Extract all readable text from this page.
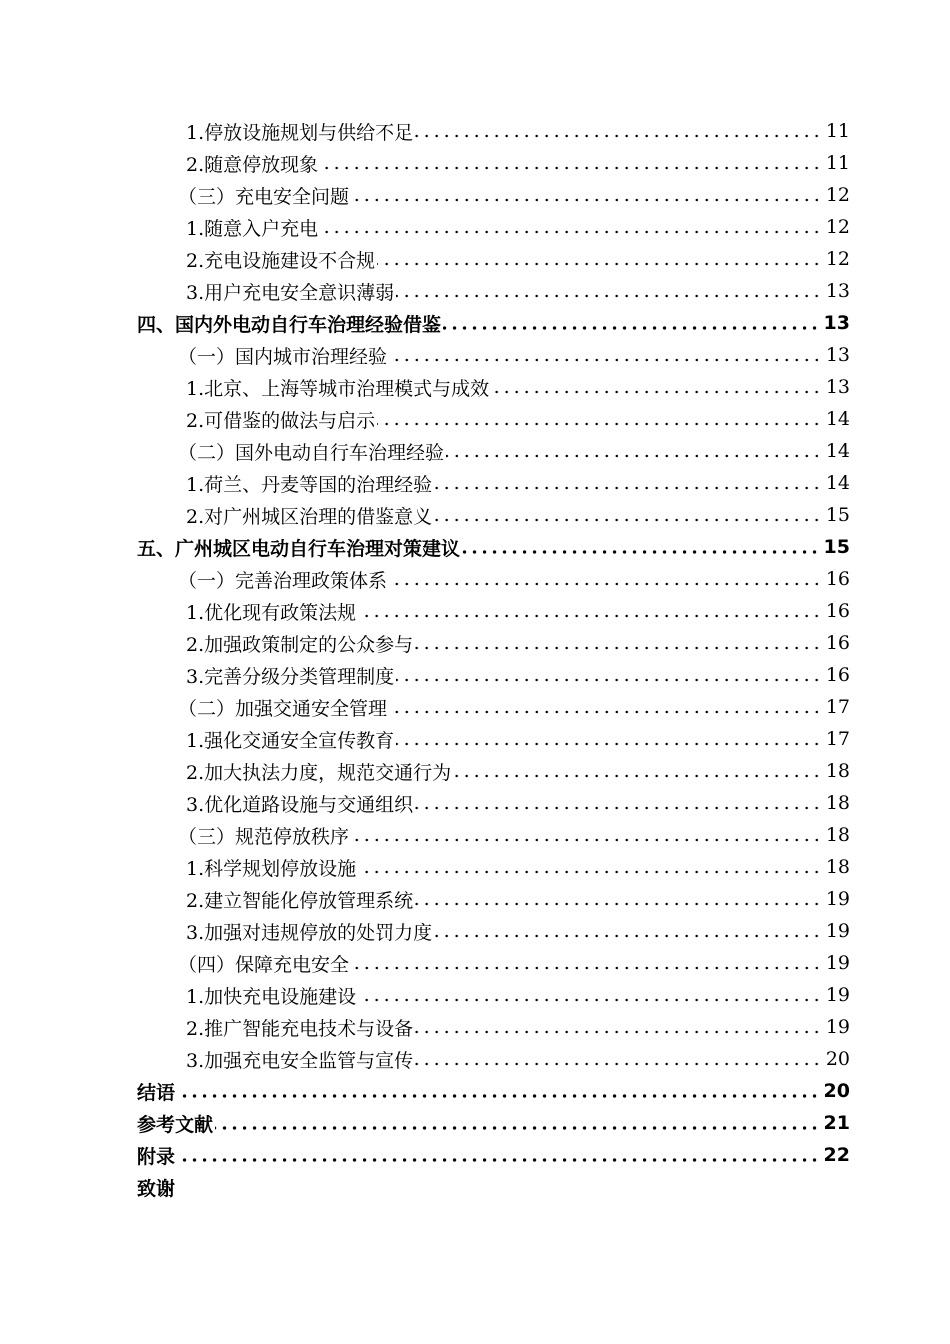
1.停放设施规划与供给不足	11
2.随意停放现象	11
（三）充电安全问题	12
1.随意入户充电	12
2.充电设施建设不合规	12
3.用户充电安全意识薄弱	13
四、国内外电动自行车治理经验借鉴	13
（一）国内城市治理经验	13
1.北京、上海等城市治理模式与成效	13
2.可借鉴的做法与启示	14
（二）国外电动自行车治理经验	14
1.荷兰、丹麦等国的治理经验	14
2.对广州城区治理的借鉴意义	15
五、广州城区电动自行车治理对策建议	15
（一）完善治理政策体系	16
1.优化现有政策法规	16
2.加强政策制定的公众参与	16
3.完善分级分类管理制度	16
（二）加强交通安全管理	17
1.强化交通安全宣传教育	17
2.加大执法力度，规范交通行为	18
3.优化道路设施与交通组织	18
（三）规范停放秩序	18
1.科学规划停放设施	18
2.建立智能化停放管理系统	19
3.加强对违规停放的处罚力度	19
（四）保障充电安全	19
1.加快充电设施建设	19
2.推广智能充电技术与设备	19
3.加强充电安全监管与宣传	20
结语	20
参考文献	21
附录	22
致谢
